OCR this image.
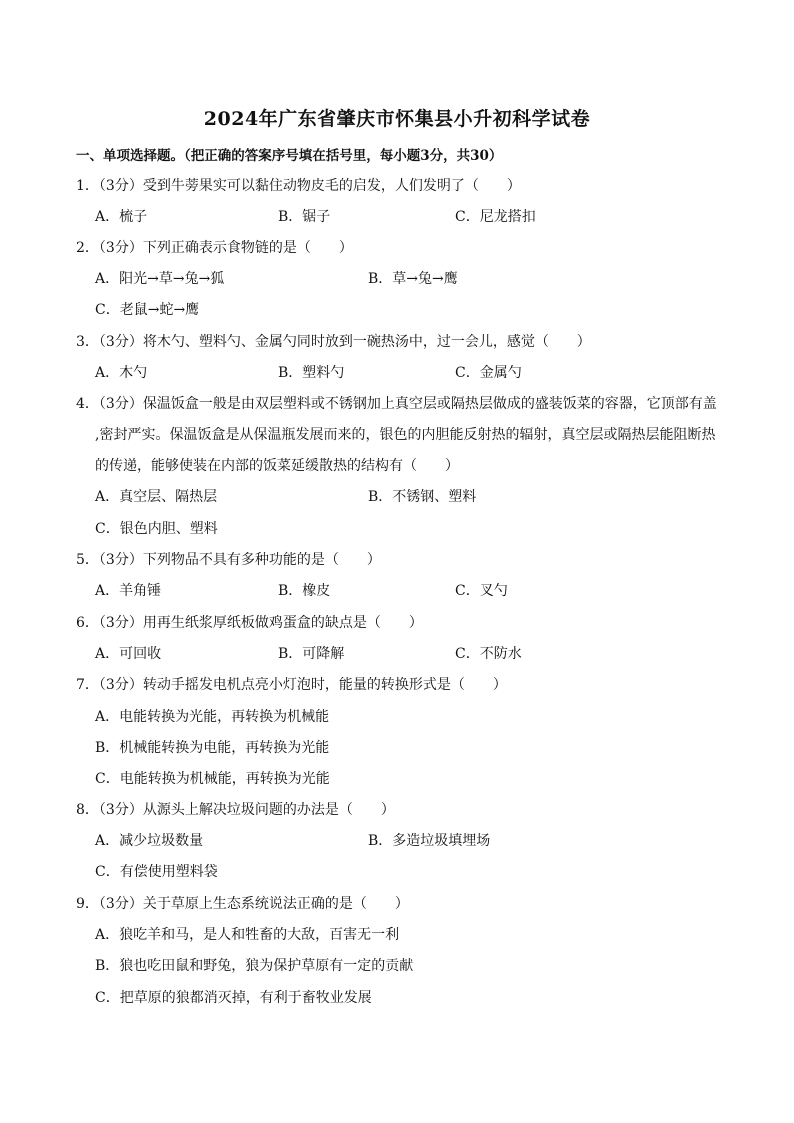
2024年广东省肇庆市怀集县小升初科学试卷
一、单项选择题。（把正确的答案序号填在括号里，每小题3分，共30）
1．（3分）受到牛蒡果实可以黏住动物皮毛的启发，人们发明了（　　）
A．梳子	B．锯子	C．尼龙搭扣
2．（3分）下列正确表示食物链的是（　　）
A．阳光→草→兔→狐	B．草→兔→鹰
C．老鼠→蛇→鹰
3．（3分）将木勺、塑料勺、金属勺同时放到一碗热汤中，过一会儿，感觉（　　）
A．木勺	B．塑料勺	C．金属勺
4．（3分）保温饭盒一般是由双层塑料或不锈钢加上真空层或隔热层做成的盛装饭菜的容器，它顶部有盖
,密封严实。保温饭盒是从保温瓶发展而来的，银色的内胆能反射热的辐射，真空层或隔热层能阻断热
的传递，能够使装在内部的饭菜延缓散热的结构有（　　）
A．真空层、隔热层	B．不锈钢、塑料
C．银色内胆、塑料
5．（3分）下列物品不具有多种功能的是（　　）
A．羊角锤	B．橡皮	C．叉勺
6．（3分）用再生纸浆厚纸板做鸡蛋盒的缺点是（　　）
A．可回收	B．可降解	C．不防水
7．（3分）转动手摇发电机点亮小灯泡时，能量的转换形式是（　　）
A．电能转换为光能，再转换为机械能
B．机械能转换为电能，再转换为光能
C．电能转换为机械能，再转换为光能
8．（3分）从源头上解决垃圾问题的办法是（　　）
A．减少垃圾数量	B．多造垃圾填埋场
C．有偿使用塑料袋
9．（3分）关于草原上生态系统说法正确的是（　　）
A．狼吃羊和马，是人和牲畜的大敌，百害无一利
B．狼也吃田鼠和野兔，狼为保护草原有一定的贡献
C．把草原的狼都消灭掉，有利于畜牧业发展
